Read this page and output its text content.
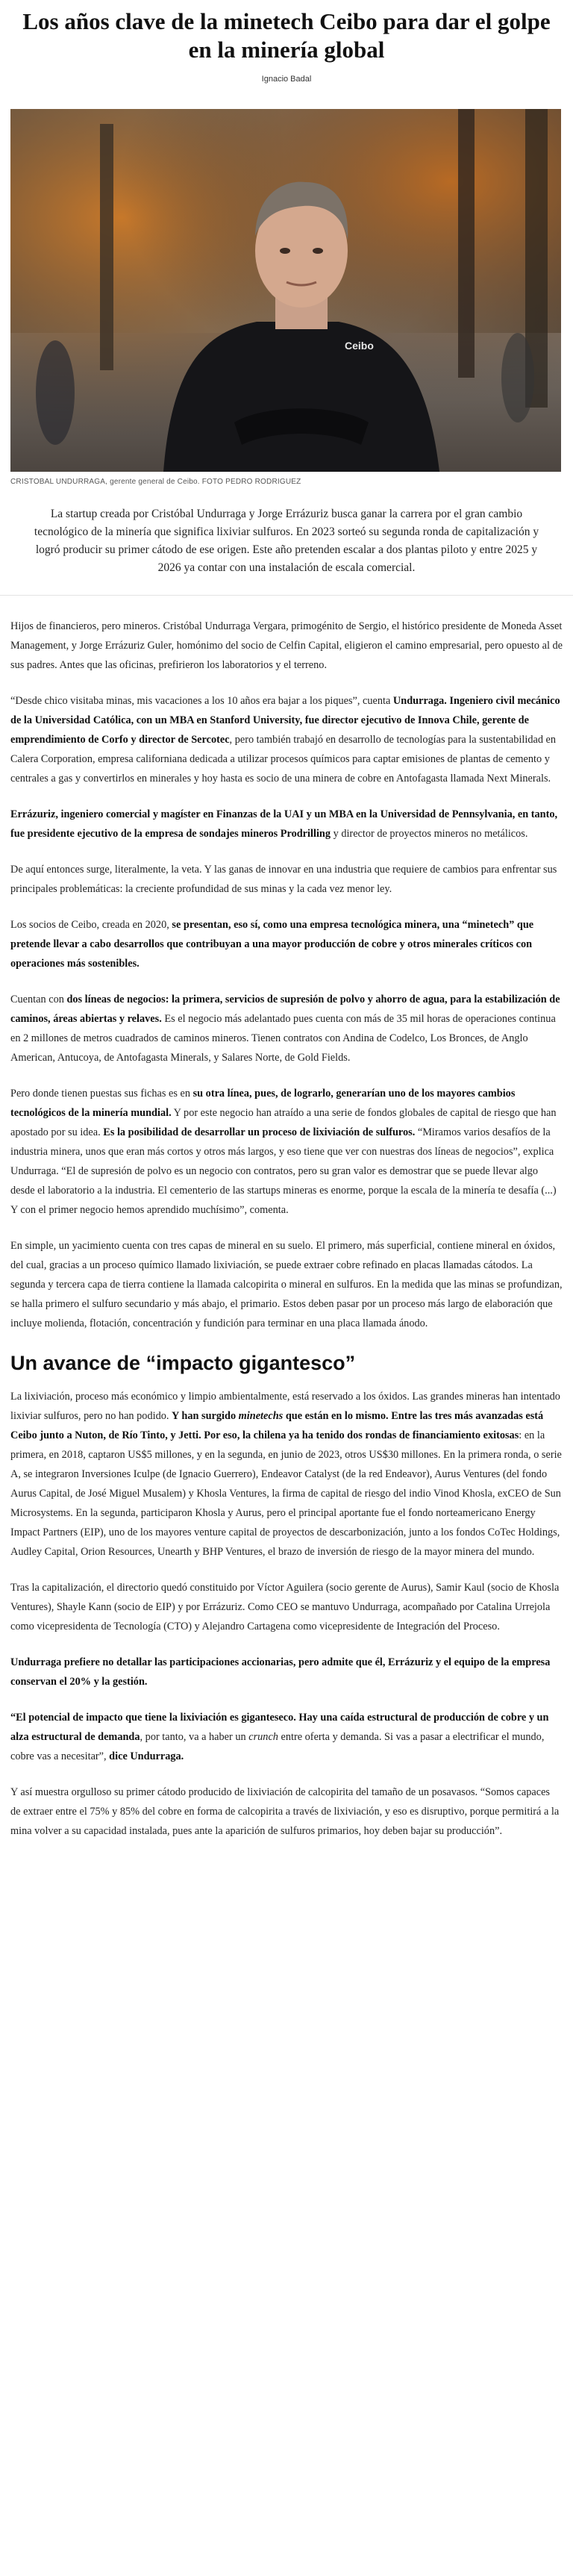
Los años clave de la minetech Ceibo para dar el golpe en la minería global
Ignacio Badal
Ceibo
CRISTOBAL UNDURRAGA, gerente general de Ceibo. FOTO PEDRO RODRIGUEZ

La startup creada por Cristóbal Undurraga y Jorge Errázuriz busca ganar la carrera por el gran cambio tecnológico de la minería que significa lixiviar sulfuros. En 2023 sorteó su segunda ronda de capitalización y logró producir su primer cátodo de ese origen. Este año pretenden escalar a dos plantas piloto y entre 2025 y 2026 ya contar con una instalación de escala comercial.

Hijos de financieros, pero mineros. Cristóbal Undurraga Vergara, primogénito de Sergio, el histórico presidente de Moneda Asset Management, y Jorge Errázuriz Guler, homónimo del socio de Celfin Capital, eligieron el camino empresarial, pero opuesto al de sus padres. Antes que las oficinas, prefirieron los laboratorios y el terreno.

“Desde chico visitaba minas, mis vacaciones a los 10 años era bajar a los piques”, cuenta Undurraga. Ingeniero civil mecánico de la Universidad Católica, con un MBA en Stanford University, fue director ejecutivo de Innova Chile, gerente de emprendimiento de Corfo y director de Sercotec, pero también trabajó en desarrollo de tecnologías para la sustentabilidad en Calera Corporation, empresa californiana dedicada a utilizar procesos químicos para captar emisiones de plantas de cemento y centrales a gas y convertirlos en minerales y hoy hasta es socio de una minera de cobre en Antofagasta llamada Next Minerals.

Errázuriz, ingeniero comercial y magíster en Finanzas de la UAI y un MBA en la Universidad de Pennsylvania, en tanto, fue presidente ejecutivo de la empresa de sondajes mineros Prodrilling y director de proyectos mineros no metálicos.

De aquí entonces surge, literalmente, la veta. Y las ganas de innovar en una industria que requiere de cambios para enfrentar sus principales problemáticas: la creciente profundidad de sus minas y la cada vez menor ley.

Los socios de Ceibo, creada en 2020, se presentan, eso sí, como una empresa tecnológica minera, una “minetech” que pretende llevar a cabo desarrollos que contribuyan a una mayor producción de cobre y otros minerales críticos con operaciones más sostenibles.

Cuentan con dos líneas de negocios: la primera, servicios de supresión de polvo y ahorro de agua, para la estabilización de caminos, áreas abiertas y relaves. Es el negocio más adelantado pues cuenta con más de 35 mil horas de operaciones continua en 2 millones de metros cuadrados de caminos mineros. Tienen contratos con Andina de Codelco, Los Bronces, de Anglo American, Antucoya, de Antofagasta Minerals, y Salares Norte, de Gold Fields.

Pero donde tienen puestas sus fichas es en su otra línea, pues, de lograrlo, generarían uno de los mayores cambios tecnológicos de la minería mundial. Y por este negocio han atraído a una serie de fondos globales de capital de riesgo que han apostado por su idea. Es la posibilidad de desarrollar un proceso de lixiviación de sulfuros. “Miramos varios desafíos de la industria minera, unos que eran más cortos y otros más largos, y eso tiene que ver con nuestras dos líneas de negocios”, explica Undurraga. “El de supresión de polvo es un negocio con contratos, pero su gran valor es demostrar que se puede llevar algo desde el laboratorio a la industria. El cementerio de las startups mineras es enorme, porque la escala de la minería te desafía (...) Y con el primer negocio hemos aprendido muchísimo”, comenta.

En simple, un yacimiento cuenta con tres capas de mineral en su suelo. El primero, más superficial, contiene mineral en óxidos, del cual, gracias a un proceso químico llamado lixiviación, se puede extraer cobre refinado en placas llamadas cátodos. La segunda y tercera capa de tierra contiene la llamada calcopirita o mineral en sulfuros. En la medida que las minas se profundizan, se halla primero el sulfuro secundario y más abajo, el primario. Estos deben pasar por un proceso más largo de elaboración que incluye molienda, flotación, concentración y fundición para terminar en una placa llamada ánodo.

Un avance de “impacto gigantesco”

La lixiviación, proceso más económico y limpio ambientalmente, está reservado a los óxidos. Las grandes mineras han intentado lixiviar sulfuros, pero no han podido. Y han surgido minetechs que están en lo mismo. Entre las tres más avanzadas está Ceibo junto a Nuton, de Río Tinto, y Jetti. Por eso, la chilena ya ha tenido dos rondas de financiamiento exitosas: en la primera, en 2018, captaron US$5 millones, y en la segunda, en junio de 2023, otros US$30 millones. En la primera ronda, o serie A, se integraron Inversiones Iculpe (de Ignacio Guerrero), Endeavor Catalyst (de la red Endeavor), Aurus Ventures (del fondo Aurus Capital, de José Miguel Musalem) y Khosla Ventures, la firma de capital de riesgo del indio Vinod Khosla, exCEO de Sun Microsystems. En la segunda, participaron Khosla y Aurus, pero el principal aportante fue el fondo norteamericano Energy Impact Partners (EIP), uno de los mayores venture capital de proyectos de descarbonización, junto a los fondos CoTec Holdings, Audley Capital, Orion Resources, Unearth y BHP Ventures, el brazo de inversión de riesgo de la mayor minera del mundo.

Tras la capitalización, el directorio quedó constituido por Víctor Aguilera (socio gerente de Aurus), Samir Kaul (socio de Khosla Ventures), Shayle Kann (socio de EIP) y por Errázuriz. Como CEO se mantuvo Undurraga, acompañado por Catalina Urrejola como vicepresidenta de Tecnología (CTO) y Alejandro Cartagena como vicepresidente de Integración del Proceso.

Undurraga prefiere no detallar las participaciones accionarias, pero admite que él, Errázuriz y el equipo de la empresa conservan el 20% y la gestión.

“El potencial de impacto que tiene la lixiviación es giganteseco. Hay una caída estructural de producción de cobre y un alza estructural de demanda, por tanto, va a haber un crunch entre oferta y demanda. Si vas a pasar a electrificar el mundo, cobre vas a necesitar”, dice Undurraga.

Y así muestra orgulloso su primer cátodo producido de lixiviación de calcopirita del tamaño de un posavasos. “Somos capaces de extraer entre el 75% y 85% del cobre en forma de calcopirita a través de lixiviación, y eso es disruptivo, porque permitirá a la mina volver a su capacidad instalada, pues ante la aparición de sulfuros primarios, hoy deben bajar su producción”.
